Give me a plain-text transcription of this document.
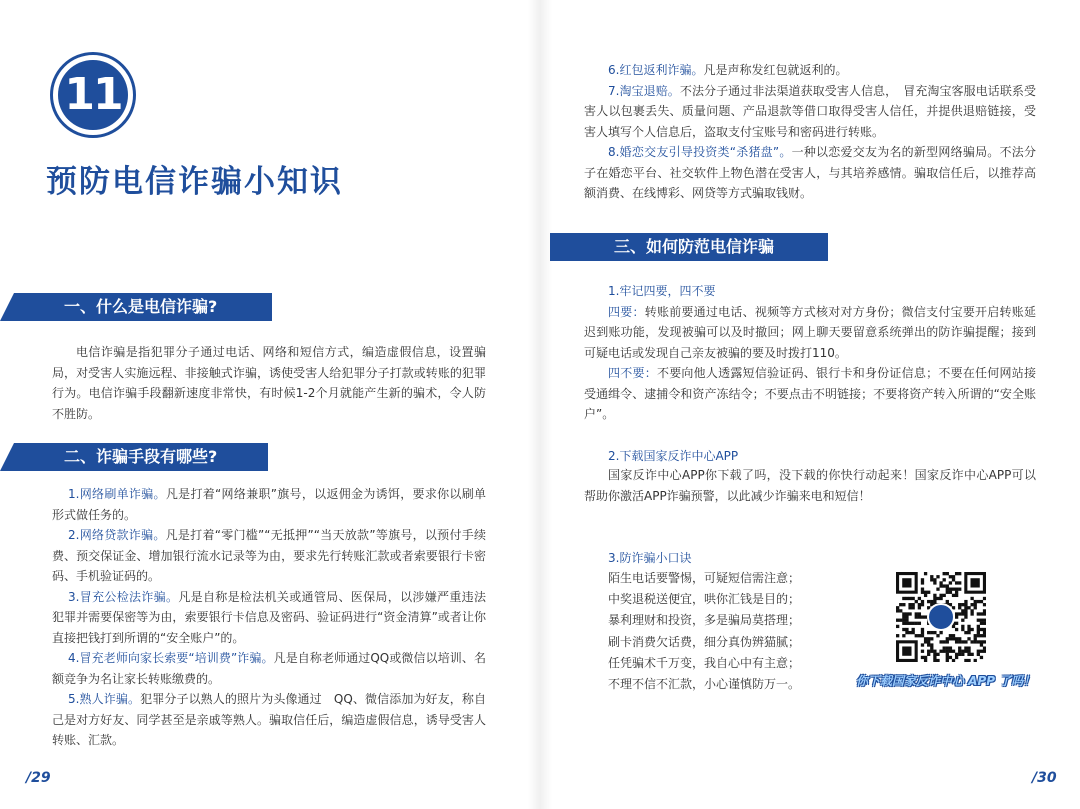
11
预防电信诈骗小知识
一、什么是电信诈骗?
电信诈骗是指犯罪分子通过电话、网络和短信方式，编造虚假信息，设置骗局，对受害人实施远程、非接触式诈骗，诱使受害人给犯罪分子打款或转账的犯罪行为。电信诈骗手段翻新速度非常快，有时候1-2个月就能产生新的骗术，令人防不胜防。
二、诈骗手段有哪些?

1.网络刷单诈骗。凡是打着“网络兼职”旗号，以返佣金为诱饵，要求你以刷单形式做任务的。

2.网络贷款诈骗。凡是打着“零门槛”“无抵押”“当天放款”等旗号，以预付手续费、预交保证金、增加银行流水记录等为由，要求先行转账汇款或者索要银行卡密码、手机验证码的。

3.冒充公检法诈骗。凡是自称是检法机关或通管局、医保局，以涉嫌严重违法犯罪并需要保密等为由，索要银行卡信息及密码、验证码进行“资金清算”或者让你直接把钱打到所谓的“安全账户”的。

4.冒充老师向家长索要“培训费”诈骗。凡是自称老师通过QQ或微信以培训、名额竞争为名让家长转账缴费的。

5.熟人诈骗。犯罪分子以熟人的照片为头像通过　QQ、微信添加为好友，称自己是对方好友、同学甚至是亲戚等熟人。骗取信任后，编造虚假信息，诱导受害人转账、汇款。

6.红包返利诈骗。凡是声称发红包就返利的。

7.淘宝退赔。不法分子通过非法渠道获取受害人信息，　冒充淘宝客服电话联系受害人以包裹丢失、质量问题、产品退款等借口取得受害人信任，并提供退赔链接，受害人填写个人信息后，盗取支付宝账号和密码进行转账。

8.婚恋交友引导投资类“杀猪盘”。一种以恋爱交友为名的新型网络骗局。不法分子在婚恋平台、社交软件上物色潜在受害人，与其培养感情。骗取信任后，以推荐高额消费、在线博彩、网贷等方式骗取钱财。

三、如何防范电信诈骗

1.牢记四要，四不要

四要：转账前要通过电话、视频等方式核对对方身份；微信支付宝要开启转账延迟到账功能，发现被骗可以及时撤回；网上聊天要留意系统弹出的防诈骗提醒；接到可疑电话或发现自己亲友被骗的要及时拨打110。

四不要：不要向他人透露短信验证码、银行卡和身份证信息；不要在任何网站接受通缉令、逮捕令和资产冻结令；不要点击不明链接；不要将资产转入所谓的“安全账户”。

2.下载国家反诈中心APP
国家反诈中心APP你下载了吗，没下载的你快行动起来！国家反诈中心APP可以帮助你激活APP诈骗预警，以此减少诈骗来电和短信！
3.防诈骗小口诀
陌生电话要警惕，可疑短信需注意；
中奖退税送便宜，哄你汇钱是目的；
暴利理财和投资，多是骗局莫搭理；
刷卡消费欠话费，细分真伪辨猫腻；
任凭骗术千万变，我自心中有主意；
不理不信不汇款，小心谨慎防万一。	你下载国家反诈中心 APP 了吗！
/29	/30
